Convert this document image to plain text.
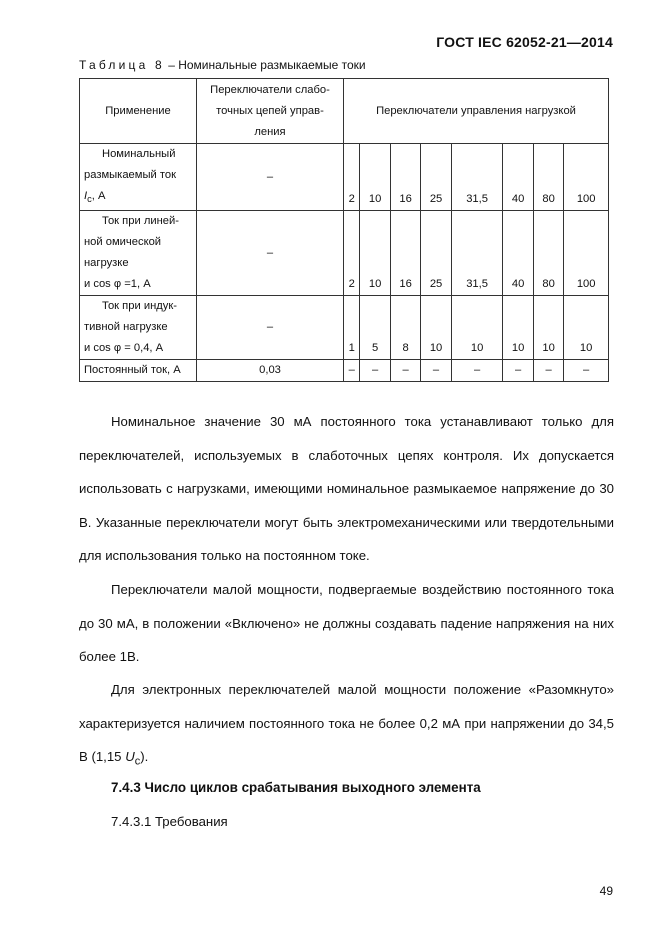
ГОСТ IEC 62052-21—2014
Таблица 8 – Номинальные размыкаемые токи
Применение	Переключатели слабо-
точных цепей управ-
ления	Переключатели управления нагрузкой							

Номинальный
размыкаемый ток
$I_c$, А	–	2	10	16	25	31,5	40	80	100

Ток при линей-
ной омической
нагрузке
и cos φ =1, А	–	2	10	16	25	31,5	40	80	100

Ток при индук-
тивной нагрузке
и cos φ = 0,4, А	–	1	5	8	10	10	10	10	10
Постоянный ток, А	0,03	–	–	–	–	–	–	–	–

Номинальное значение 30 мА постоянного тока устанавливают только для переключателей, используемых в слаботочных цепях контроля. Их допускается использовать с нагрузками, имеющими номинальное размыкаемое напряжение до 30 В. Указанные переключатели могут быть электромеханическими или твердотельными для использования только на постоянном токе.

Переключатели малой мощности, подвергаемые воздействию постоянного тока до 30 мА, в положении «Включено» не должны создавать падение напряжения на них более 1В.

Для электронных переключателей малой мощности положение «Разомкнуто» характеризуется наличием постоянного тока не более 0,2 мА при напряжении до 34,5 В (1,15 $U_c$).

7.4.3 Число циклов срабатывания выходного элемента
7.4.3.1 Требования
49
